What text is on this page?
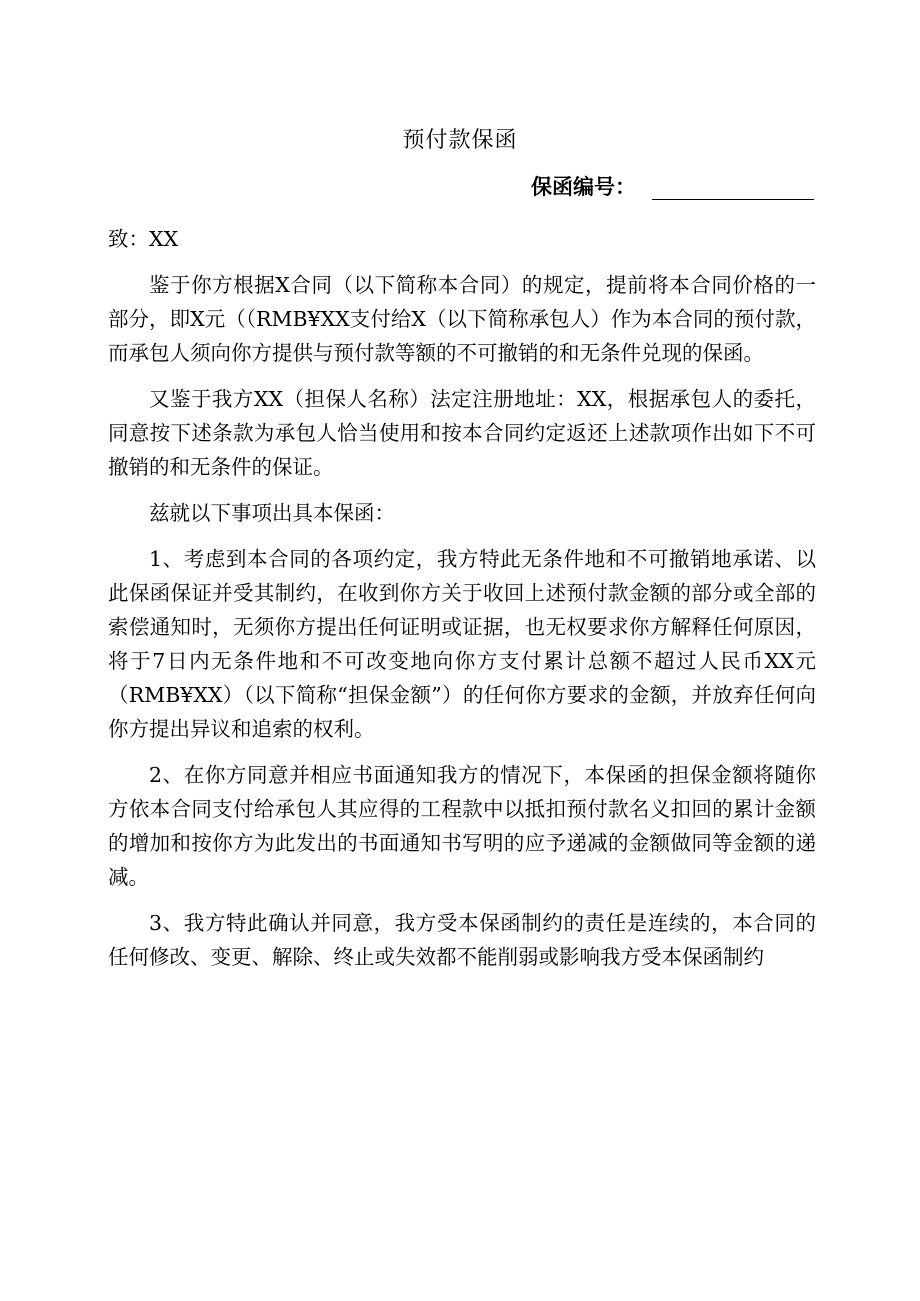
预付款保函
保函编号：

致：XX

鉴于你方根据X合同（以下简称本合同）的规定，提前将本合同价格的一部分，即X元（（RMB¥XX支付给X（以下简称承包人）作为本合同的预付款，而承包人须向你方提供与预付款等额的不可撤销的和无条件兑现的保函。

又鉴于我方XX（担保人名称）法定注册地址：XX，根据承包人的委托，同意按下述条款为承包人恰当使用和按本合同约定返还上述款项作出如下不可撤销的和无条件的保证。

兹就以下事项出具本保函：

1、考虑到本合同的各项约定，我方特此无条件地和不可撤销地承诺、以此保函保证并受其制约，在收到你方关于收回上述预付款金额的部分或全部的索偿通知时，无须你方提出任何证明或证据，也无权要求你方解释任何原因，将于7日内无条件地和不可改变地向你方支付累计总额不超过人民币XX元（RMB¥XX）（以下简称“担保金额”）的任何你方要求的金额，并放弃任何向你方提出异议和追索的权利。

2、在你方同意并相应书面通知我方的情况下，本保函的担保金额将随你方依本合同支付给承包人其应得的工程款中以抵扣预付款名义扣回的累计金额的增加和按你方为此发出的书面通知书写明的应予递减的金额做同等金额的递减。

3、我方特此确认并同意，我方受本保函制约的责任是连续的，本合同的任何修改、变更、解除、终止或失效都不能削弱或影响我方受本保函制约
